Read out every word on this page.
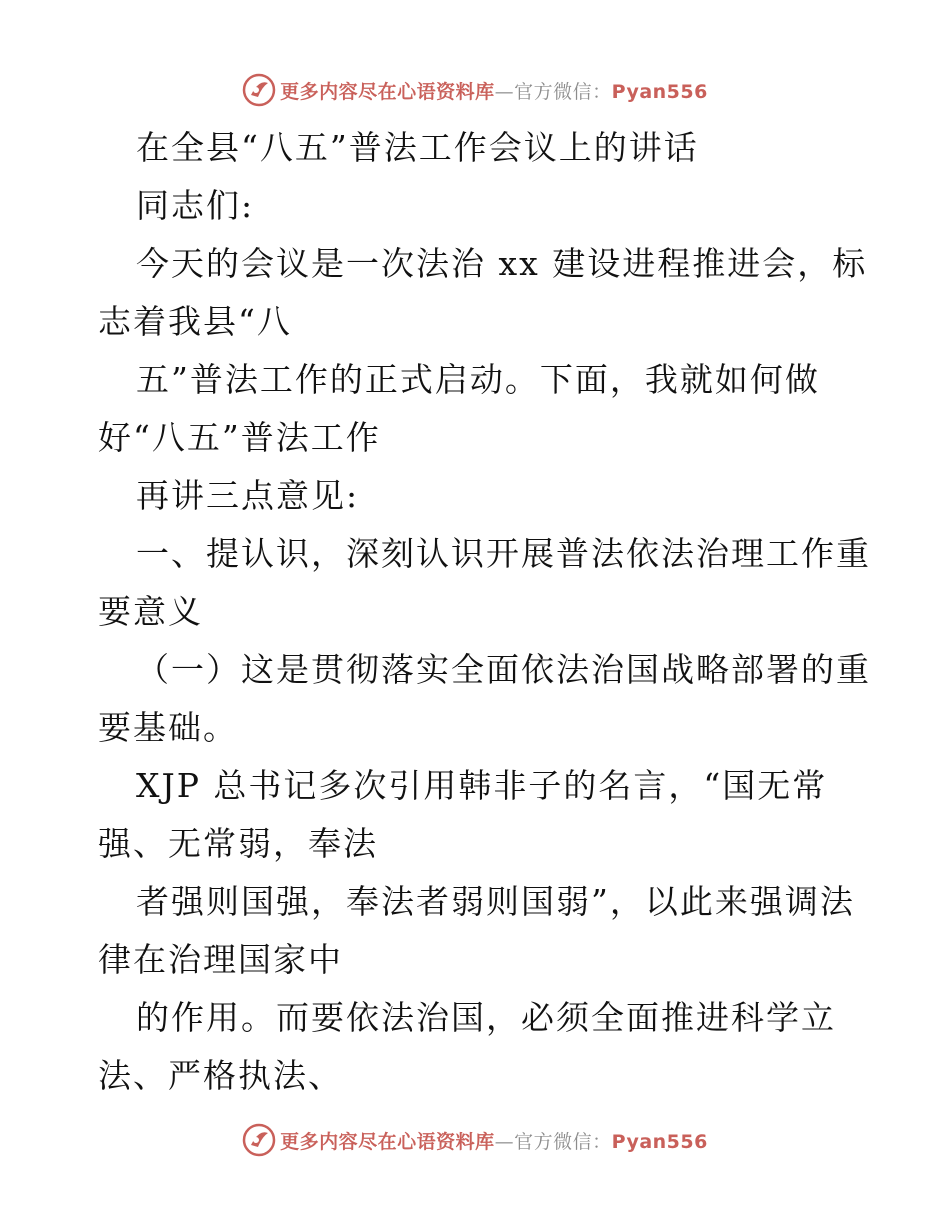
更多内容尽在心语资料库—官方微信：Pyan556
在全县“八五”普法工作会议上的讲话
同志们:
今天的会议是一次法治 xx 建设进程推进会，标
志着我县“八
五”普法工作的正式启动。下面，我就如何做
好“八五”普法工作
再讲三点意见:
一、提认识，深刻认识开展普法依法治理工作重
要意义
（一）这是贯彻落实全面依法治国战略部署的重
要基础。
XJP 总书记多次引用韩非子的名言，“国无常
强、无常弱，奉法
者强则国强，奉法者弱则国弱”，以此来强调法
律在治理国家中
的作用。而要依法治国，必须全面推进科学立
法、严格执法、
更多内容尽在心语资料库—官方微信：Pyan556
